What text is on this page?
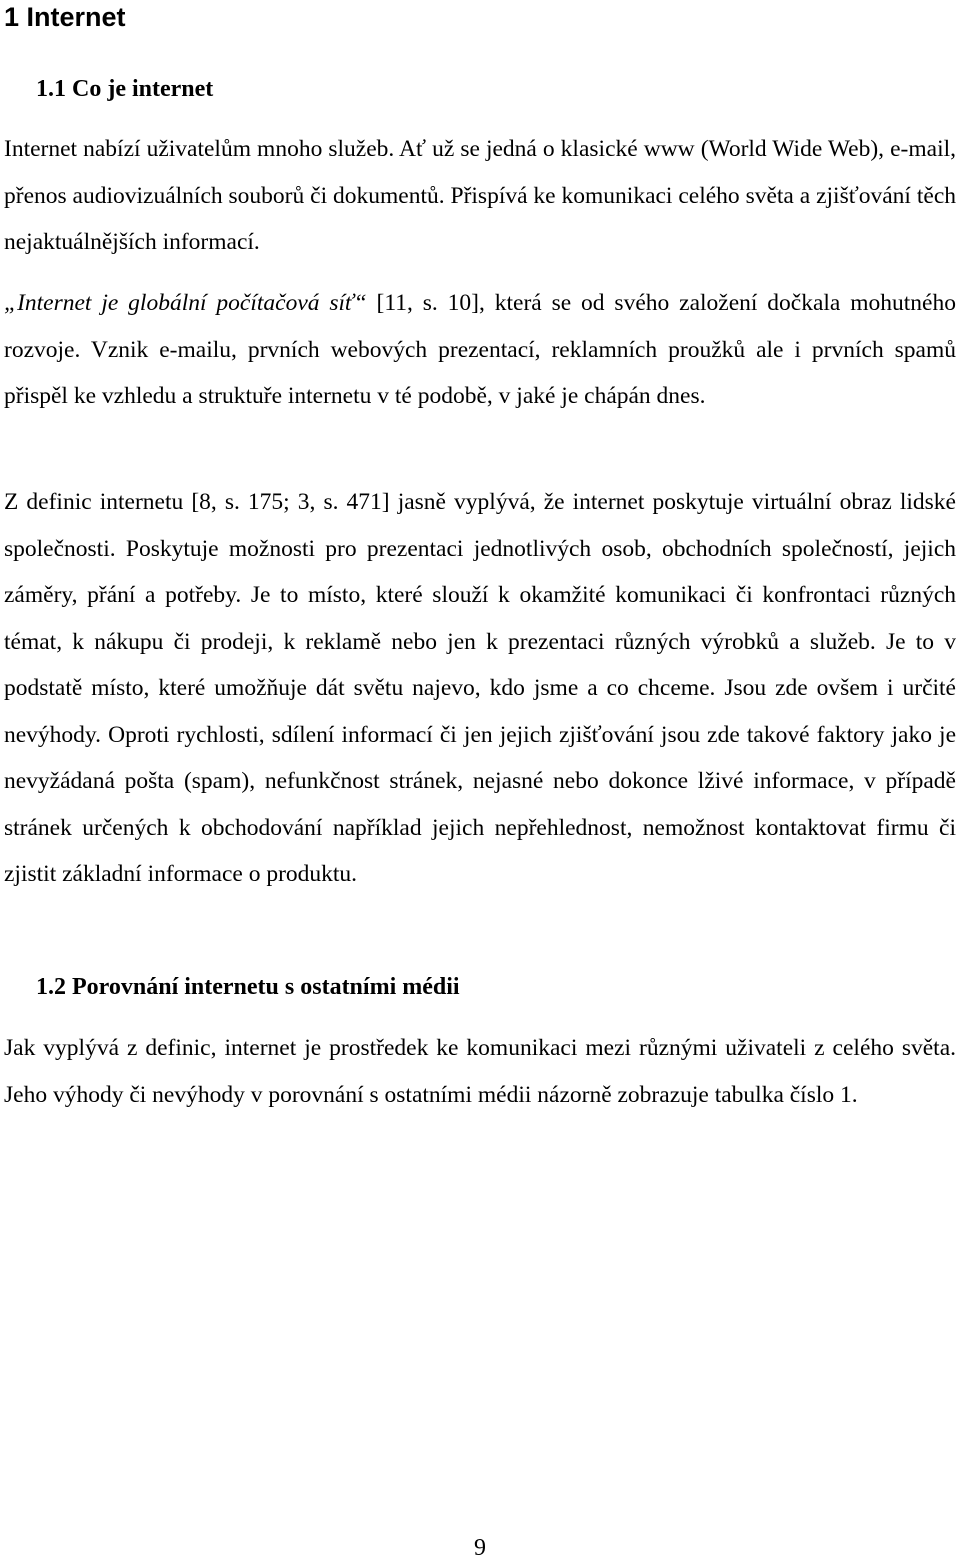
1 Internet
1.1 Co je internet

Internet nabízí uživatelům mnoho služeb. Ať už se jedná o klasické www (World Wide Web), e-mail, přenos audiovizuálních souborů či dokumentů. Přispívá ke komunikaci celého světa a zjišťování těch nejaktuálnějších informací.

„Internet je globální počítačová síť“ [11, s. 10], která se od svého založení dočkala mohutného rozvoje. Vznik e-mailu, prvních webových prezentací, reklamních proužků ale i prvních spamů přispěl ke vzhledu a struktuře internetu v té podobě, v jaké je chápán dnes.

Z definic internetu [8, s. 175; 3, s. 471] jasně vyplývá, že internet poskytuje virtuální obraz lidské společnosti. Poskytuje možnosti pro prezentaci jednotlivých osob, obchodních společností, jejich záměry, přání a potřeby. Je to místo, které slouží k okamžité komunikaci či konfrontaci různých témat, k nákupu či prodeji, k reklamě nebo jen k prezentaci různých výrobků a služeb. Je to v podstatě místo, které umožňuje dát světu najevo, kdo jsme a co chceme. Jsou zde ovšem i určité nevýhody. Oproti rychlosti, sdílení informací či jen jejich zjišťování jsou zde takové faktory jako je nevyžádaná pošta (spam), nefunkčnost stránek, nejasné nebo dokonce lživé informace, v případě stránek určených k obchodování například jejich nepřehlednost, nemožnost kontaktovat firmu či zjistit základní informace o produktu.

1.2 Porovnání internetu s ostatními médii

Jak vyplývá z definic, internet je prostředek ke komunikaci mezi různými uživateli z celého světa. Jeho výhody či nevýhody v porovnání s ostatními médii názorně zobrazuje tabulka číslo 1.

9
